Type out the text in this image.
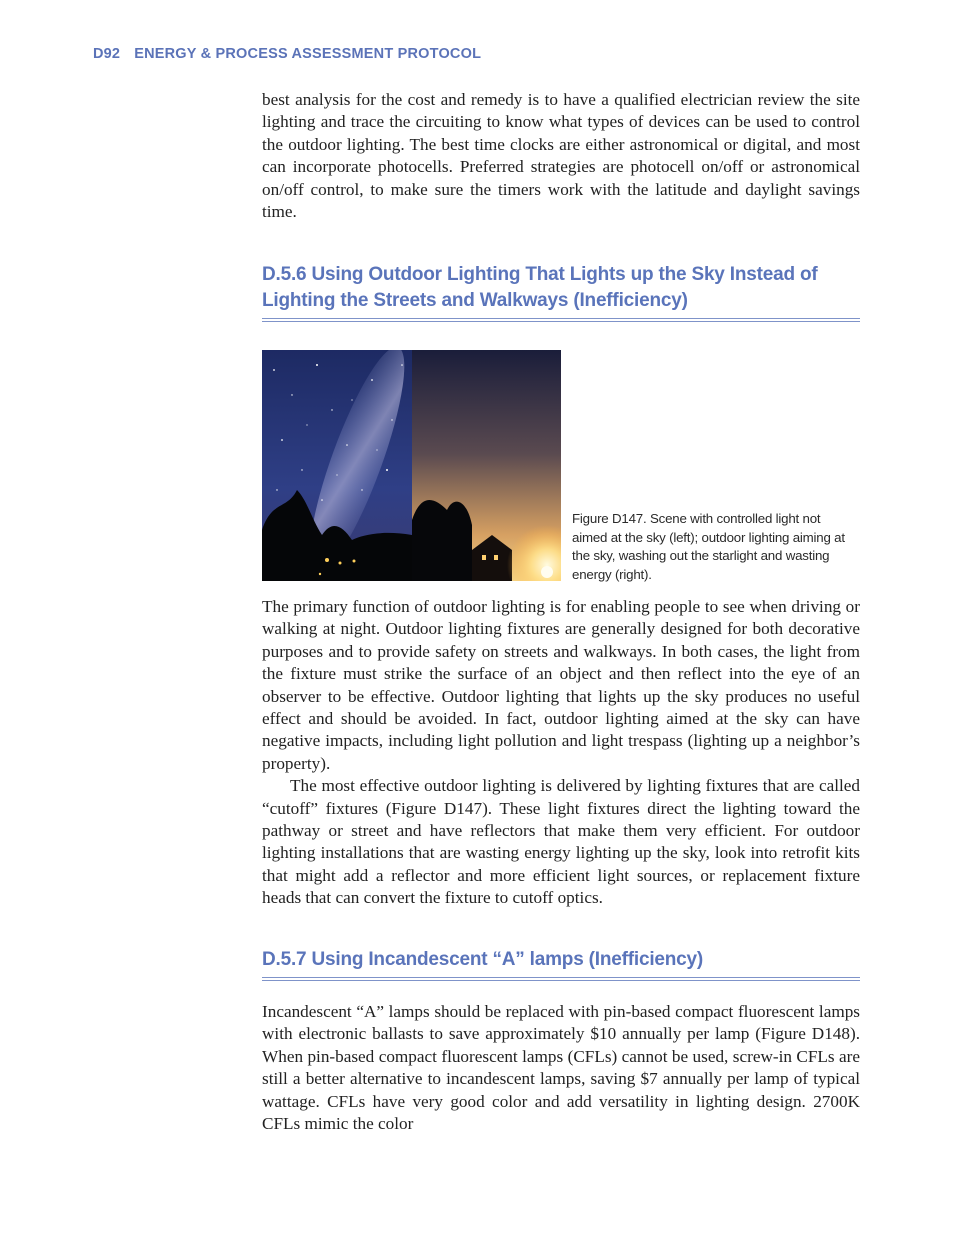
D92 ENERGY & PROCESS ASSESSMENT PROTOCOL

best analysis for the cost and remedy is to have a qualified electrician review the site lighting and trace the circuiting to know what types of devices can be used to control the outdoor lighting. The best time clocks are either astronomical or digital, and most can incorporate photocells. Preferred strategies are photocell on/off or astronomical on/off control, to make sure the timers work with the latitude and daylight savings time.

D.5.6 Using Outdoor Lighting That Lights up the Sky Instead of
Lighting the Streets and Walkways (Inefficiency)
Figure D147. Scene with controlled light not aimed at the sky (left); outdoor lighting aiming at the sky, washing out the starlight and wasting energy (right).

The primary function of outdoor lighting is for enabling people to see when driving or walking at night. Outdoor lighting fixtures are generally designed for both decorative purposes and to provide safety on streets and walkways. In both cases, the light from the fixture must strike the surface of an object and then reflect into the eye of an observer to be effective. Outdoor lighting that lights up the sky produces no useful effect and should be avoided. In fact, outdoor lighting aimed at the sky can have negative impacts, including light pollution and light trespass (lighting up a neighbor’s property).

The most effective outdoor lighting is delivered by lighting fixtures that are called “cutoff” fixtures (Figure D147). These light fixtures direct the lighting toward the pathway or street and have reflectors that make them very efficient. For outdoor lighting installations that are wasting energy lighting up the sky, look into retrofit kits that might add a reflector and more efficient light sources, or replacement fixture heads that can convert the fixture to cutoff optics.

D.5.7 Using Incandescent “A” lamps (Inefficiency)

Incandescent “A” lamps should be replaced with pin-based compact fluorescent lamps with electronic ballasts to save approximately $10 annually per lamp (Figure D148). When pin-based compact fluorescent lamps (CFLs) cannot be used, screw-in CFLs are still a better alternative to incandescent lamps, saving $7 annually per lamp of typical wattage. CFLs have very good color and add versatility in lighting design. 2700K CFLs mimic the color
